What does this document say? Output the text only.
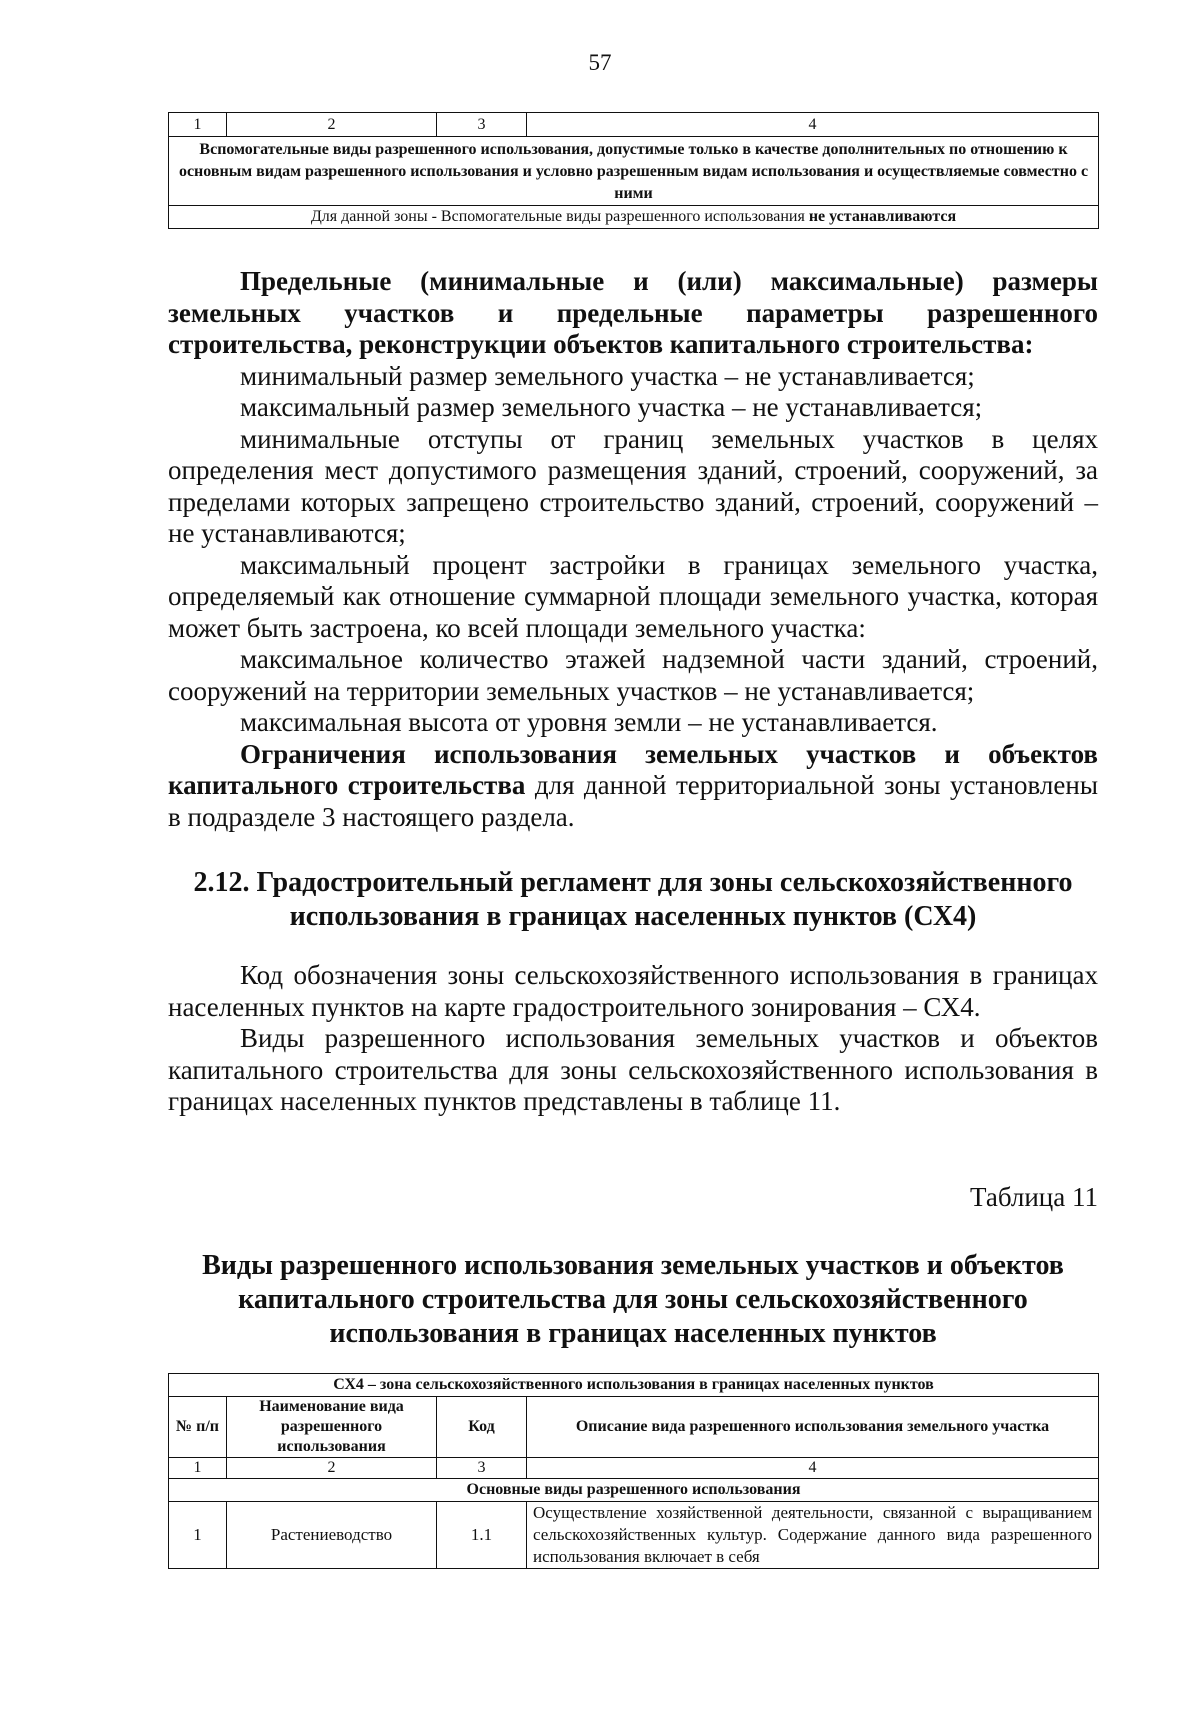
57
1	2	3	4
Вспомогательные виды разрешенного использования, допустимые только в качестве дополнительных по отношению к основным видам разрешенного использования и условно разрешенным видам использования и осуществляемые совместно с ними
Для данной зоны - Вспомогательные виды разрешенного использования не устанавливаются

Предельные (минимальные и (или) максимальные) размеры земельных участков и предельные параметры разрешенного строительства, реконструкции объектов капитального строительства:

минимальный размер земельного участка – не устанавливается;

максимальный размер земельного участка – не устанавливается;

минимальные отступы от границ земельных участков в целях определения мест допустимого размещения зданий, строений, сооружений, за пределами которых запрещено строительство зданий, строений, сооружений – не устанавливаются;

максимальный процент застройки в границах земельного участка, определяемый как отношение суммарной площади земельного участка, которая может быть застроена, ко всей площади земельного участка:

максимальное количество этажей надземной части зданий, строений, сооружений на территории земельных участков – не устанавливается;

максимальная высота от уровня земли – не устанавливается.

Ограничения использования земельных участков и объектов капитального строительства для данной территориальной зоны установлены в подразделе 3 настоящего раздела.

2.12. Градостроительный регламент для зоны сельскохозяйственного использования в границах населенных пунктов (СХ4)

Код обозначения зоны сельскохозяйственного использования в границах населенных пунктов на карте градостроительного зонирования – СХ4.

Виды разрешенного использования земельных участков и объектов капитального строительства для зоны сельскохозяйственного использования в границах населенных пунктов представлены в таблице 11.

Таблица 11
Виды разрешенного использования земельных участков и объектов капитального строительства для зоны сельскохозяйственного использования в границах населенных пунктов
СХ4 – зона сельскохозяйственного использования в границах населенных пунктов			
№ п/п	Наименование вида разрешенного использования	Код	Описание вида разрешенного использования земельного участка
1	2	3	4
Основные виды разрешенного использования			
1	Растениеводство	1.1	Осуществление хозяйственной деятельности, связанной с выращиванием сельскохозяйственных культур. Содержание данного вида разрешенного использования включает в себя
